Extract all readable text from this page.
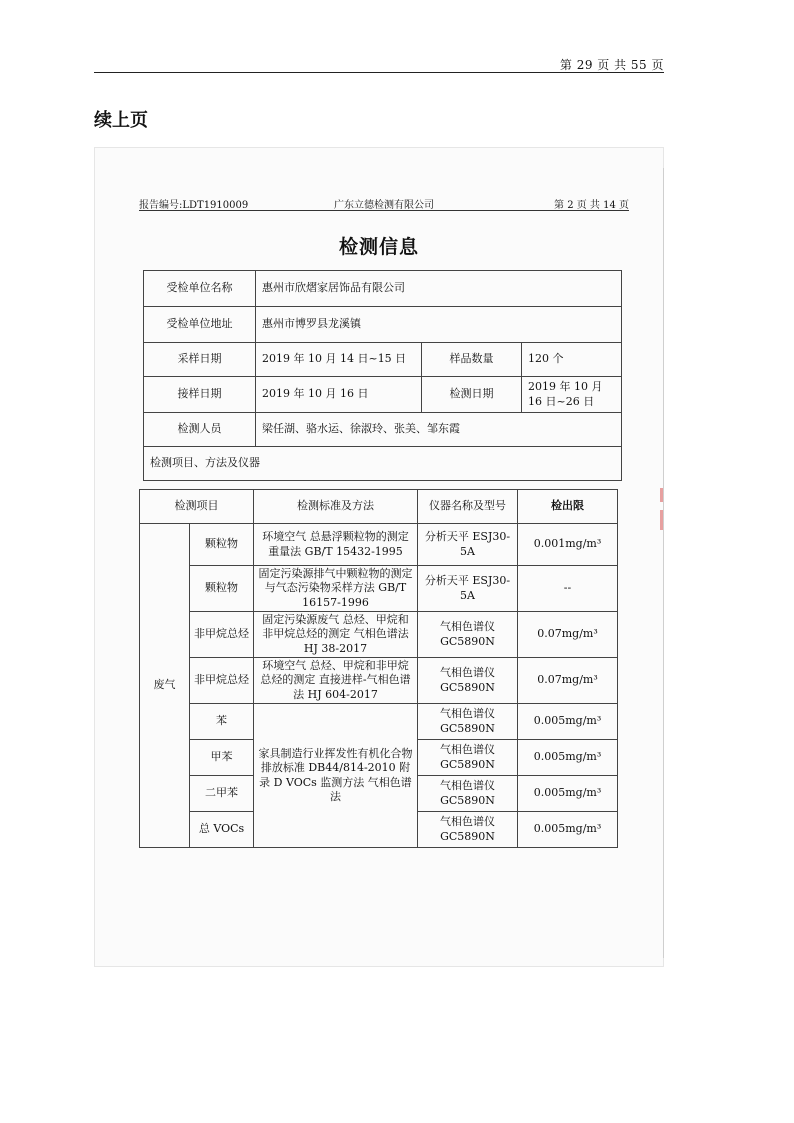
第 29 页 共 55 页
续上页
报告编号:LDT1910009	广东立德检测有限公司	第 2 页 共 14 页
检测信息
受检单位名称	惠州市欣熠家居饰品有限公司		
受检单位地址	惠州市博罗县龙溪镇		
采样日期	2019 年 10 月 14 日~15 日	样品数量	120 个
接样日期	2019 年 10 月 16 日	检测日期	2019 年 10 月 16 日~26 日
检测人员	梁任湖、骆水运、徐淑玲、张美、邹东霞		
检测项目、方法及仪器			
检测项目		检测标准及方法	仪器名称及型号	检出限
废气	颗粒物	环境空气 总悬浮颗粒物的测定 重量法 GB/T 15432-1995	分析天平 ESJ30-5A	0.001mg/m³
	颗粒物	固定污染源排气中颗粒物的测定与气态污染物采样方法 GB/T 16157-1996	分析天平 ESJ30-5A	--
	非甲烷总烃	固定污染源废气 总烃、甲烷和非甲烷总烃的测定 气相色谱法 HJ 38-2017	气相色谱仪 GC5890N	0.07mg/m³
	非甲烷总烃	环境空气 总烃、甲烷和非甲烷总烃的测定 直接进样-气相色谱法 HJ 604-2017	气相色谱仪 GC5890N	0.07mg/m³
	苯	家具制造行业挥发性有机化合物排放标准 DB44/814-2010 附录 D VOCs 监测方法 气相色谱法	气相色谱仪 GC5890N	0.005mg/m³
	甲苯		气相色谱仪 GC5890N	0.005mg/m³
	二甲苯		气相色谱仪 GC5890N	0.005mg/m³
	总 VOCs		气相色谱仪 GC5890N	0.005mg/m³
